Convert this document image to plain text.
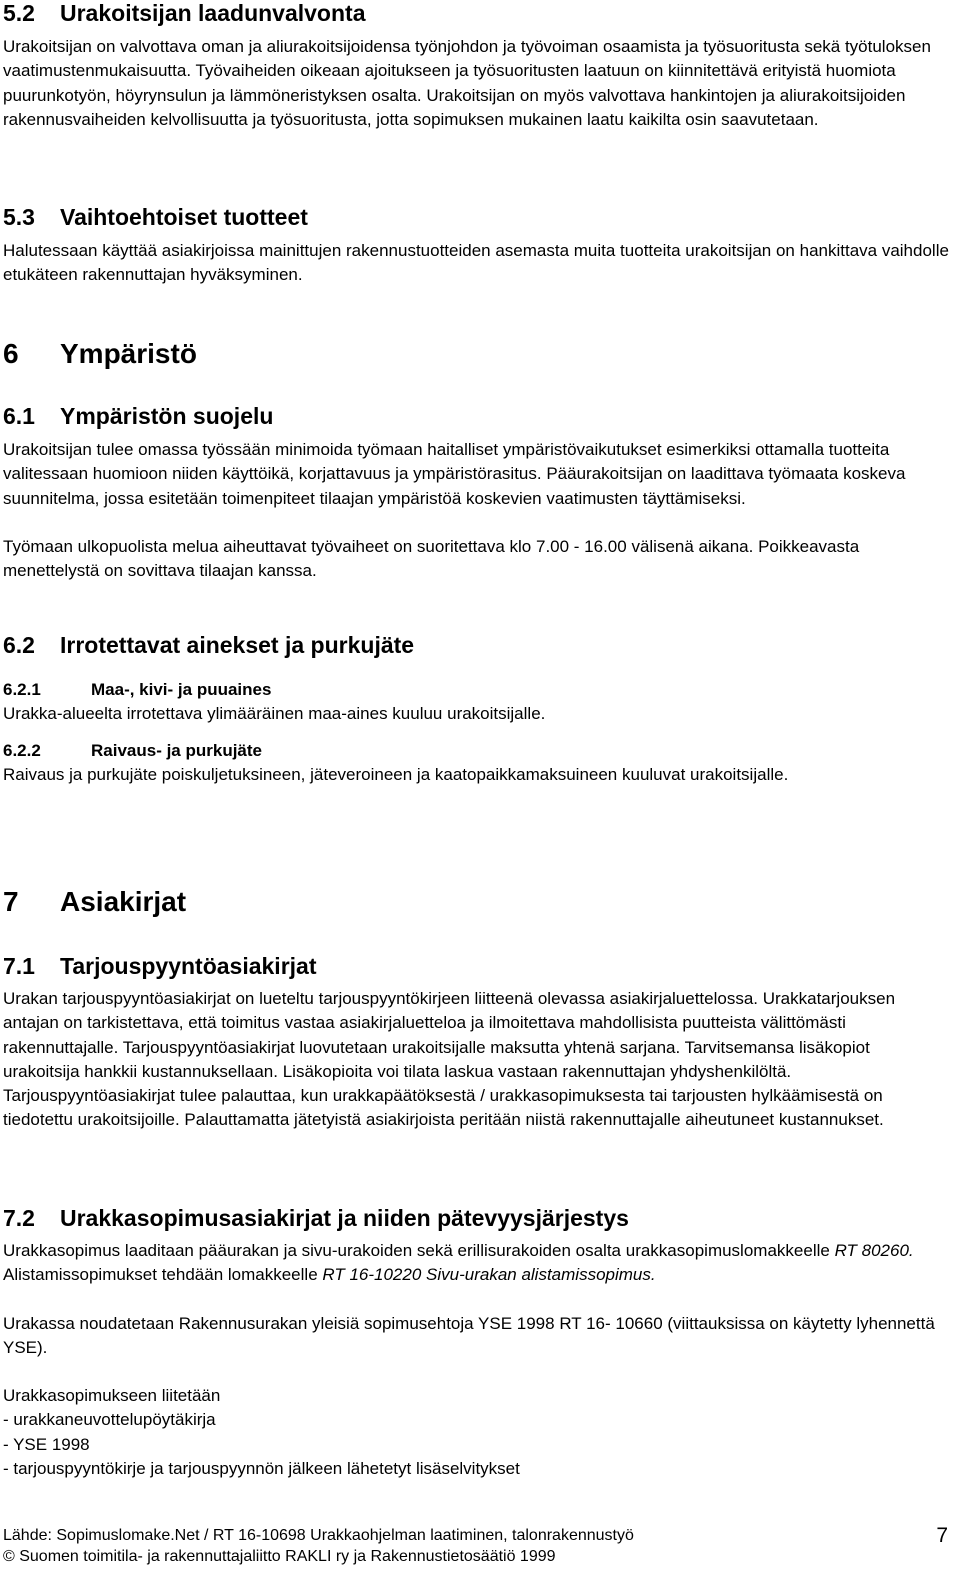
5.2 Urakoitsijan laadunvalvonta

Urakoitsijan on valvottava oman ja aliurakoitsijoidensa työnjohdon ja työvoiman osaamista ja työsuoritusta sekä työtuloksen vaatimustenmukaisuutta. Työvaiheiden oikeaan ajoitukseen ja työsuoritusten laatuun on kiinnitettävä erityistä huomiota puurunkotyön, höyrynsulun ja lämmöneristyksen osalta. Urakoitsijan on myös valvottava hankintojen ja aliurakoitsijoiden rakennusvaiheiden kelvollisuutta ja työsuoritusta, jotta sopimuksen mukainen laatu kaikilta osin saavutetaan.

5.3 Vaihtoehtoiset tuotteet

Halutessaan käyttää asiakirjoissa mainittujen rakennustuotteiden asemasta muita tuotteita urakoitsijan on hankittava vaihdolle etukäteen rakennuttajan hyväksyminen.

6 Ympäristö
6.1 Ympäristön suojelu

Urakoitsijan tulee omassa työssään minimoida työmaan haitalliset ympäristövaikutukset esimerkiksi ottamalla tuotteita valitessaan huomioon niiden käyttöikä, korjattavuus ja ympäristörasitus. Pääurakoitsijan on laadittava työmaata koskeva suunnitelma, jossa esitetään toimenpiteet tilaajan ympäristöä koskevien vaatimusten täyttämiseksi.

Työmaan ulkopuolista melua aiheuttavat työvaiheet on suoritettava klo 7.00 - 16.00 välisenä aikana. Poikkeavasta menettelystä on sovittava tilaajan kanssa.

6.2 Irrotettavat ainekset ja purkujäte
6.2.1	Maa-, kivi- ja puuaines

Urakka-alueelta irrotettava ylimääräinen maa-aines kuuluu urakoitsijalle.

6.2.2	Raivaus- ja purkujäte

Raivaus ja purkujäte poiskuljetuksineen, jäteveroineen ja kaatopaikkamaksuineen kuuluvat urakoitsijalle.

7 Asiakirjat
7.1 Tarjouspyyntöasiakirjat

Urakan tarjouspyyntöasiakirjat on lueteltu tarjouspyyntökirjeen liitteenä olevassa asiakirjaluettelossa. Urakkatarjouksen antajan on tarkistettava, että toimitus vastaa asiakirjaluetteloa ja ilmoitettava mahdollisista puutteista välittömästi rakennuttajalle. Tarjouspyyntöasiakirjat luovutetaan urakoitsijalle maksutta yhtenä sarjana. Tarvitsemansa lisäkopiot urakoitsija hankkii kustannuksellaan. Lisäkopioita voi tilata laskua vastaan rakennuttajan yhdyshenkilöltä.

Tarjouspyyntöasiakirjat tulee palauttaa, kun urakkapäätöksestä / urakkasopimuksesta tai tarjousten hylkäämisestä on tiedotettu urakoitsijoille. Palauttamatta jätetyistä asiakirjoista peritään niistä rakennuttajalle aiheutuneet kustannukset.

7.2 Urakkasopimusasiakirjat ja niiden pätevyysjärjestys

Urakkasopimus laaditaan pääurakan ja sivu-urakoiden sekä erillisurakoiden osalta urakkasopimuslomakkeelle RT 80260. Alistamissopimukset tehdään lomakkeelle RT 16-10220 Sivu-urakan alistamissopimus.

Urakassa noudatetaan Rakennusurakan yleisiä sopimusehtoja YSE 1998 RT 16- 10660 (viittauksissa on käytetty lyhennettä YSE).

Urakkasopimukseen liitetään

- urakkaneuvottelupöytäkirja

- YSE 1998

- tarjouspyyntökirje ja tarjouspyynnön jälkeen lähetetyt lisäselvitykset

Lähde: Sopimuslomake.Net / RT 16-10698 Urakkaohjelman laatiminen, talonrakennustyö
© Suomen toimitila- ja rakennuttajaliitto RAKLI ry ja Rakennustietosäätiö 1999
7
